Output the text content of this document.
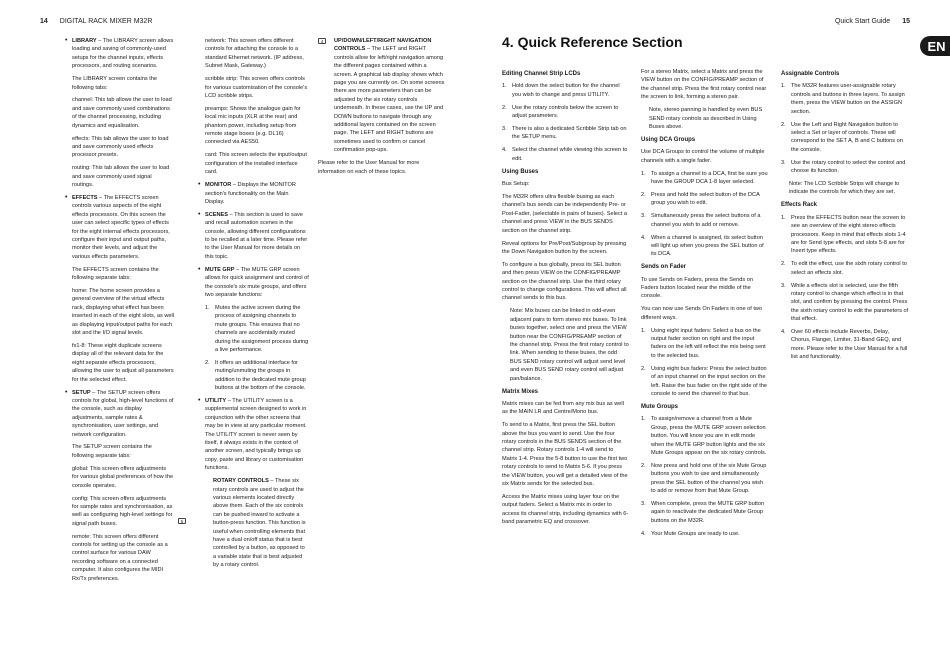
14 DIGITAL RACK MIXER M32R	Quick Start Guide 15
EN
4. Quick Reference Section
• LIBRARY – The LIBRARY screen allows loading and saving of commonly-used setups for the channel inputs, effects processors, and routing scenarios.

The LIBRARY screen contains the following tabs:

channel: This tab allows the user to load and save commonly used combinations of the channel processing, including dynamics and equalisation.

effects: This tab allows the user to load and save commonly used effects processor presets.

routing: This tab allows the user to load and save commonly used signal routings.

• EFFECTS – The EFFECTS screen controls various aspects of the eight effects processors. On this screen the user can select specific types of effects for the eight internal effects processors, configure their input and output paths, monitor their levels, and adjust the various effects parameters.

The EFFECTS screen contains the following separate tabs:

home: The home screen provides a general overview of the virtual effects rack, displaying what effect has been inserted in each of the eight slots, as well as displaying input/output paths for each slot and the I/O signal levels.

fx1-8: These eight duplicate screens display all of the relevant data for the eight separate effects processors, allowing the user to adjust all parameters for the selected effect.

• SETUP – The SETUP screen offers controls for global, high-level functions of the console, such as display adjustments, sample rates & synchronisation, user settings, and network configuration.

The SETUP screen contains the following separate tabs:

global: This screen offers adjustments for various global preferences of how the console operates.

config: This screen offers adjustments for sample rates and synchronisation, as well as configuring high-level settings for signal path buses.

remote: This screen offers different controls for setting up the console as a control surface for various DAW recording software on a connected computer. It also configures the MIDI Rx/Tx preferences.

network: This screen offers different controls for attaching the console to a standard Ethernet network. (IP address, Subnet Mask, Gateway.)

scribble strip: This screen offers controls for various customisation of the console's LCD scribble strips.

preamps: Shows the analogue gain for local mic inputs (XLR at the rear) and phantom power, including setup from remote stage boxes (e.g. DL16) connected via AES50.

card: This screen selects the input/output configuration of the installed interface card.

• MONITOR – Displays the MONITOR section's functionality on the Main Display.
• SCENES – This section is used to save and recall automation scenes in the console, allowing different configurations to be recalled at a later time. Please refer to the User Manual for more details on this topic.
• MUTE GRP – The MUTE GRP screen allows for quick assignment and control of the console's six mute groups, and offers two separate functions:
1. Mutes the active screen during the process of assigning channels to mute groups. This ensures that no channels are accidentally muted during the assignment process during a live performance.
2. It offers an additional interface for muting/unmuting the groups in addition to the dedicated mute group buttons at the bottom of the console.
• UTILITY – The UTILITY screen is a supplemental screen designed to work in conjunction with the other screens that may be in view at any particular moment. The UTILITY screen is never seen by itself, it always exists in the context of another screen, and typically brings up copy, paste and library or customisation functions.

ROTARY CONTROLS – These six rotary controls are used to adjust the various elements located directly above them. Each of the six controls can be pushed inward to activate a button-press function. This function is useful when controlling elements that have a dual on/off status that is best controlled by a button, as opposed to a variable state that is best adjusted by a rotary control.

5

UP/DOWN/LEFT/RIGHT NAVIGATION CONTROLS – The LEFT and RIGHT controls allow for left/right navigation among the different pages contained within a screen. A graphical tab display shows which page you are currently on. On some screens there are more parameters than can be adjusted by the six rotary controls underneath. In these cases, use the UP and DOWN buttons to navigate through any additional layers contained on the screen page. The LEFT and RIGHT buttons are sometimes used to confirm or cancel confirmation pop-ups.

Please refer to the User Manual for more information on each of these topics.

4
Editing Channel Strip LCDs
1. Hold down the select button for the channel you wish to change and press UTILITY.
2. Use the rotary controls below the screen to adjust parameters.
3. There is also a dedicated Scribble Strip tab on the SETUP menu.
4. Select the channel while viewing this screen to edit.
Using Buses

Bus Setup:

The M32R offers ultra flexible busing as each channel's bus sends can be independently Pre- or Post-Fader, (selectable in pairs of buses). Select a channel and press VIEW in the BUS SENDS section on the channel strip.

Reveal options for Pre/Post/Subgroup by pressing the Down Navigation button by the screen.

To configure a bus globally, press its SEL button and then press VIEW on the CONFIG/PREAMP section on the channel strip. Use the third rotary control to change configurations. This will affect all channel sends to this bus.

Note: Mix buses can be linked in odd-even adjacent pairs to form stereo mix buses. To link buses together, select one and press the VIEW button near the CONFIG/PREAMP section of the channel strip. Press the first rotary control to link. When sending to these buses, the odd BUS SEND rotary control will adjust send level and even BUS SEND rotary control will adjust pan/balance.

Matrix Mixes

Matrix mixes can be fed from any mix bus as well as the MAIN LR and Centre/Mono bus.

To send to a Matrix, first press the SEL button above the bus you want to send. Use the four rotary controls in the BUS SENDS section of the channel strip. Rotary controls 1-4 will send to Matrix 1-4. Press the 5-8 button to use the first two rotary controls to send to Matrix 5-6. If you press the VIEW button, you will get a detailed view of the six Matrix sends for the selected bus.

Access the Matrix mixes using layer four on the output faders. Select a Matrix mix in order to access its channel strip, including dynamics with 6-band parametric EQ and crossover.

For a stereo Matrix, select a Matrix and press the VIEW button on the CONFIG/PREAMP section of the channel strip. Press the first rotary control near the screen to link, forming a stereo pair.

Note, stereo panning is handled by even BUS SEND rotary controls as described in Using Buses above.

Using DCA Groups

Use DCA Groups to control the volume of multiple channels with a single fader.

1. To assign a channel to a DCA, first be sure you have the GROUP DCA 1-8 layer selected.
2. Press and hold the select button of the DCA group you wish to edit.
3. Simultaneously press the select buttons of a channel you wish to add or remove.
4. When a channel is assigned, its select button will light up when you press the SEL button of its DCA.
Sends on Fader

To use Sends on Faders, press the Sends on Faders button located near the middle of the console.

You can now use Sends On Faders in one of two different ways.

1. Using eight input faders: Select a bus on the output fader section on right and the input faders on the left will reflect the mix being sent to the selected bus.
2. Using eight bus faders: Press the select button of an input channel on the input section on the left. Raise the bus fader on the right side of the console to send the channel to that bus.
Mute Groups
1. To assign/remove a channel from a Mute Group, press the MUTE GRP screen selection button. You will know you are in edit mode when the MUTE GRP button lights and the six Mute Groups appear on the six rotary controls.
2. Now press and hold one of the six Mute Group buttons you wish to use and simultaneously press the SEL button of the channel you wish to add or remove from that Mute Group.
3. When complete, press the MUTE GRP button again to reactivate the dedicated Mute Group buttons on the M32R.
4. Your Mute Groups are ready to use.
Assignable Controls
1. The M32R features user-assignable rotary controls and buttons in three layers. To assign them, press the VIEW button on the ASSIGN section.
2. Use the Left and Right Navigation button to select a Set or layer of controls. These will correspond to the SET A, B and C buttons on the console.
3. Use the rotary control to select the control and choose its function.

Note: The LCD Scribble Strips will change to indicate the controls for which they are set.

Effects Rack
1. Press the EFFECTS button near the screen to see an overview of the eight stereo effects processors. Keep in mind that effects slots 1-4 are for Send type effects, and slots 5-8 are for Insert type effects.
2. To edit the effect, use the sixth rotary control to select an effects slot.
3. While a effects slot is selected, use the fifth rotary control to change which effect is in that slot, and confirm by pressing the control. Press the sixth rotary control to edit the parameters of that effect.
4. Over 60 effects include Reverbs, Delay, Chorus, Flanger, Limiter, 31-Band GEQ, and more. Please refer to the User Manual for a full list and functionality.
